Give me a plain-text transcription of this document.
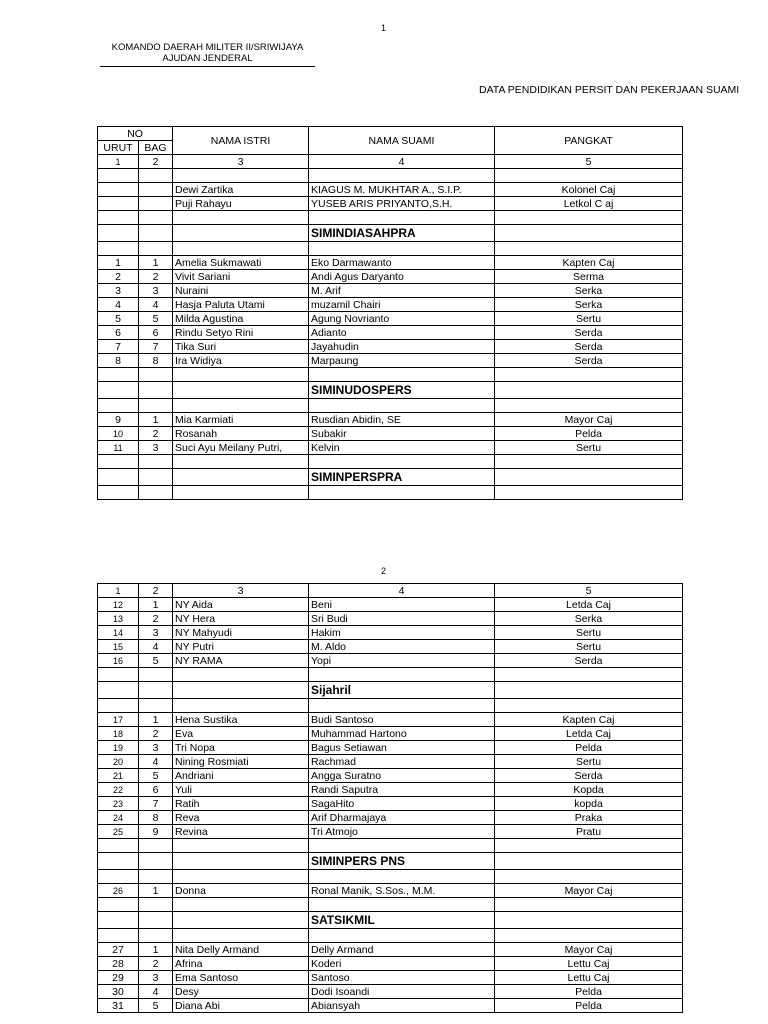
1
KOMANDO DAERAH MILITER II/SRIWIJAYA
AJUDAN JENDERAL
DATA PENDIDIKAN PERSIT DAN PEKERJAAN SUAMI
NO		NAMA ISTRI	NAMA SUAMI	PANGKAT
URUT	BAG			
1	2	3	4	5

		Dewi Zartika	KIAGUS M. MUKHTAR A., S.I.P.	Kolonel Caj
		Puji Rahayu	YUSEB ARIS PRIYANTO,S.H.	Letkol C aj

			SIMINDIASAHPRA	

1	1	Amelia Sukmawati	Eko Darmawanto	Kapten Caj
2	2	Vivit Sariani	Andi Agus Daryanto	Serma
3	3	Nuraini	M. Arif	Serka
4	4	Hasja Paluta Utami	muzamil Chairi	Serka
5	5	Milda Agustina	Agung Novrianto	Sertu
6	6	Rindu Setyo Rini	Adianto	Serda
7	7	Tika Suri	Jayahudin	Serda
8	8	Ira Widiya	Marpaung	Serda

			SIMINUDOSPERS	

9	1	Mia Karmiati	Rusdian Abidin, SE	Mayor Caj
10	2	Rosanah	Subakir	Pelda
11	3	Suci Ayu Meilany Putri,	Kelvin	Sertu

			SIMINPERSPRA	

2
1	2	3	4	5
12	1	NY Aida	Beni	Letda Caj
13	2	NY Hera	Sri Budi	Serka
14	3	NY Mahyudi	Hakim	Sertu
15	4	NY Putri	M. Aldo	Sertu
16	5	NY RAMA	Yopi	Serda

			Sijahril	

17	1	Hena Sustika	Budi Santoso	Kapten Caj
18	2	Eva	Muhammad Hartono	Letda Caj
19	3	Tri Nopa	Bagus Setiawan	Pelda
20	4	Nining Rosmiati	Rachmad	Sertu
21	5	Andriani	Angga Suratno	Serda
22	6	Yuli	Randi Saputra	Kopda
23	7	Ratih	SagaHito	kopda
24	8	Reva	Arif Dharmajaya	Praka
25	9	Revina	Tri Atmojo	Pratu

			SIMINPERS PNS	

26	1	Donna	Ronal Manik, S.Sos., M.M.	Mayor Caj

			SATSIKMIL	

27	1	Nita Delly Armand	Delly Armand	Mayor Caj
28	2	Afrina	Koderi	Lettu Caj
29	3	Ema Santoso	Santoso	Lettu Caj
30	4	Desy	Dodi Isoandi	Pelda
31	5	Diana Abi	Abiansyah	Pelda
